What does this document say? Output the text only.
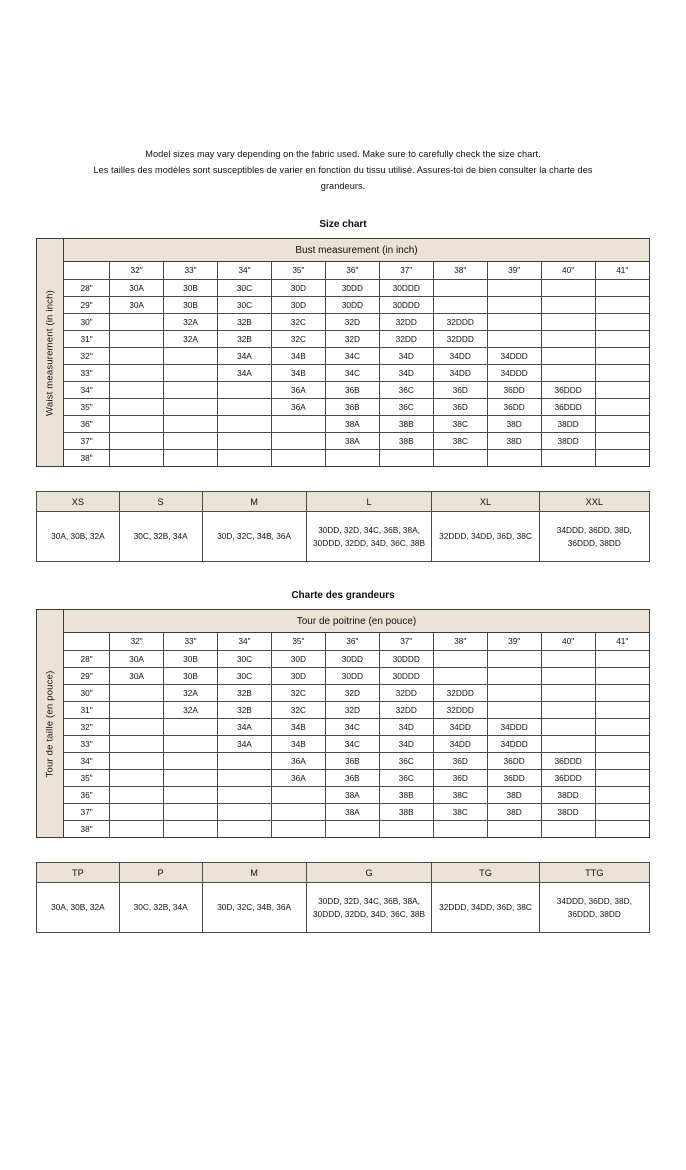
Model sizes may vary depending on the fabric used. Make sure to carefully check the size chart.
Les tailles des modèles sont susceptibles de varier en fonction du tissu utilisé. Assures-toi de bien consulter la charte des
grandeurs.
Size chart
Waist measurement (in inch)
Bust measurement (in inch)
	32"	33"	34"	35"	36"	37"	38"	39"	40"	41"
28"	30A	30B	30C	30D	30DD	30DDD				
29"	30A	30B	30C	30D	30DD	30DDD				
30"		32A	32B	32C	32D	32DD	32DDD			
31"		32A	32B	32C	32D	32DD	32DDD			
32"			34A	34B	34C	34D	34DD	34DDD		
33"			34A	34B	34C	34D	34DD	34DDD		
34"				36A	36B	36C	36D	36DD	36DDD	
35"				36A	36B	36C	36D	36DD	36DDD	
36"					38A	38B	38C	38D	38DD	
37"					38A	38B	38C	38D	38DD	
38"										
XS	S	M	L	XL	XXL
30A, 30B, 32A	30C, 32B, 34A	30D, 32C, 34B, 36A	30DD, 32D, 34C, 36B, 38A, 30DDD, 32DD, 34D, 36C, 38B	32DDD, 34DD, 36D, 38C	34DDD, 36DD, 38D, 36DDD, 38DD
Charte des grandeurs
Tour de taille (en pouce)
Tour de poitrine (en pouce)
	32"	33"	34"	35"	36"	37"	38"	39"	40"	41"
28"	30A	30B	30C	30D	30DD	30DDD				
29"	30A	30B	30C	30D	30DD	30DDD				
30"		32A	32B	32C	32D	32DD	32DDD			
31"		32A	32B	32C	32D	32DD	32DDD			
32"			34A	34B	34C	34D	34DD	34DDD		
33"			34A	34B	34C	34D	34DD	34DDD		
34"				36A	36B	36C	36D	36DD	36DDD	
35"				36A	36B	36C	36D	36DD	36DDD	
36"					38A	38B	38C	38D	38DD	
37"					38A	38B	38C	38D	38DD	
38"										
TP	P	M	G	TG	TTG
30A, 30B, 32A	30C, 32B, 34A	30D, 32C, 34B, 36A	30DD, 32D, 34C, 36B, 38A, 30DDD, 32DD, 34D, 36C, 38B	32DDD, 34DD, 36D, 38C	34DDD, 36DD, 38D, 36DDD, 38DD
